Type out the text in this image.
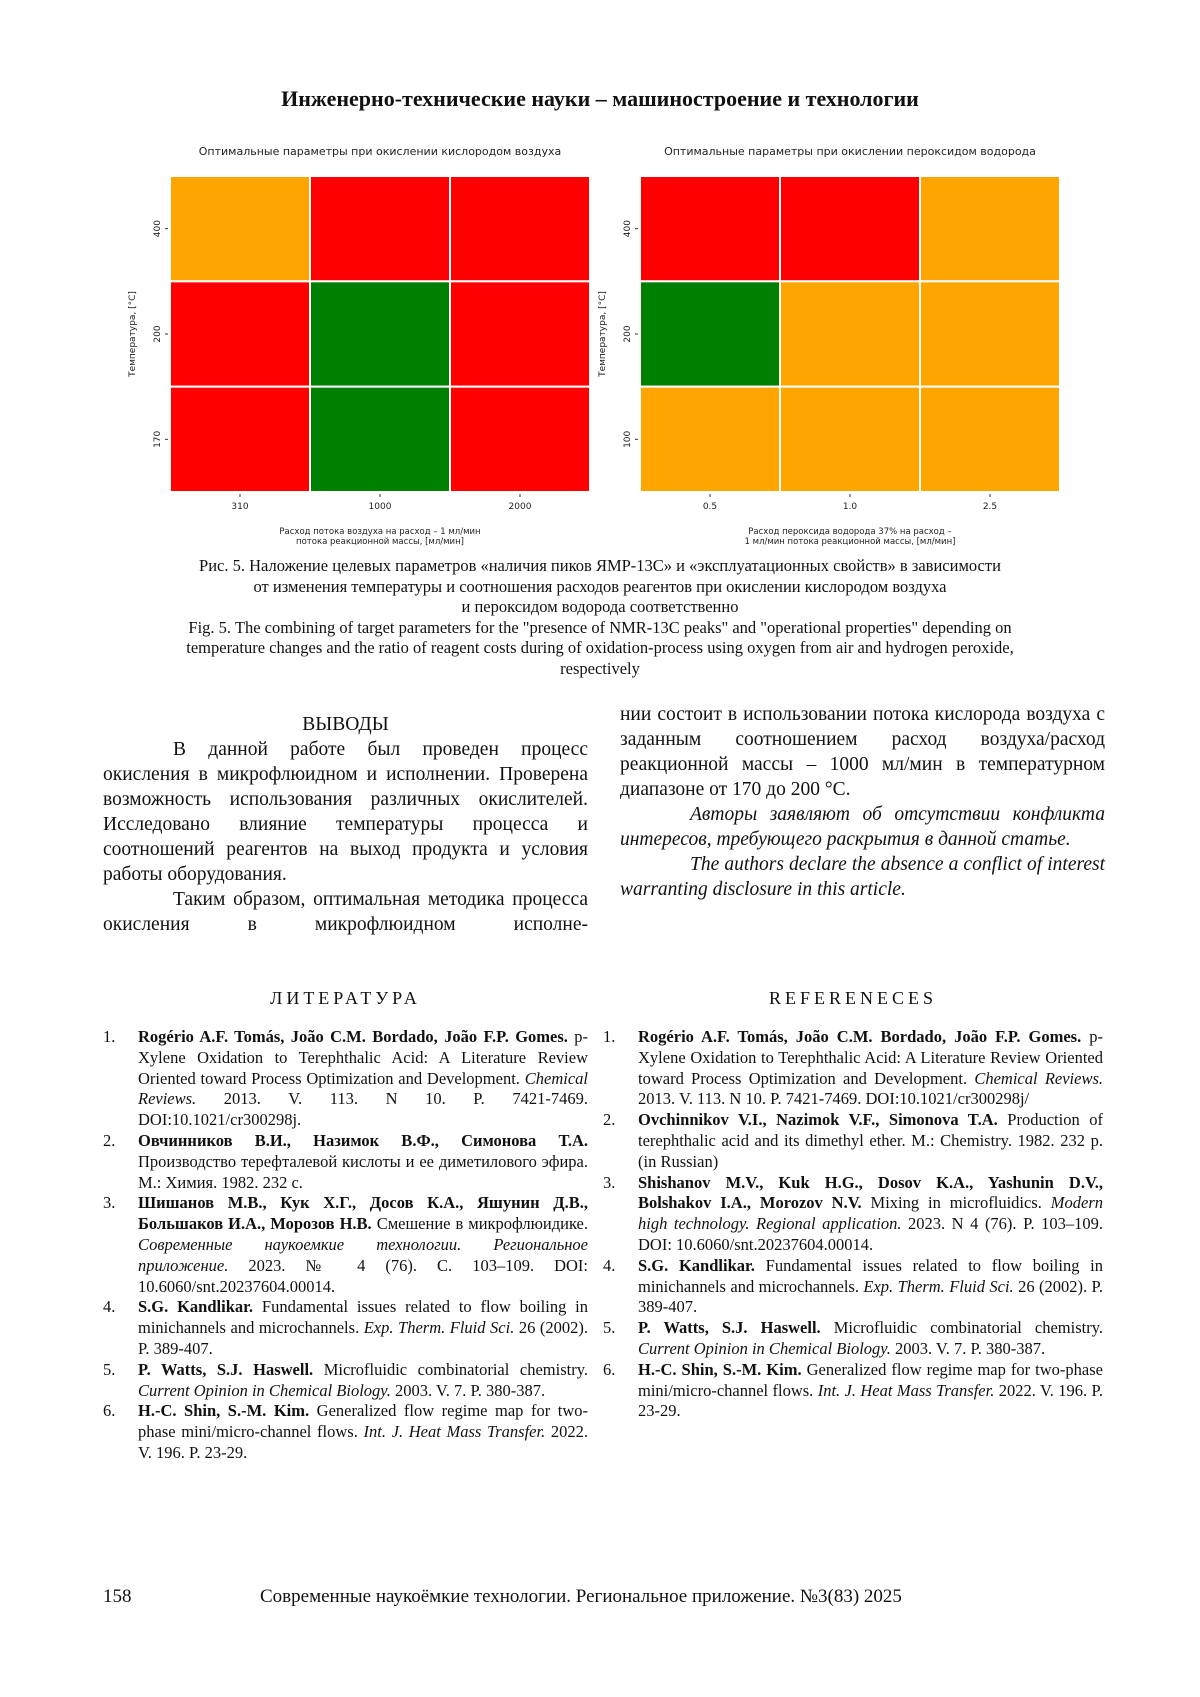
Инженерно-технические науки – машиностроение и технологии
Оптимальные параметры при окислении кислородом воздуха
400
200
170
310	1000	2000
Температура, [°С]
Расход потока воздуха на расход – 1 мл/мин
потока реакционной массы, [мл/мин]
Оптимальные параметры при окислении пероксидом водорода
400
200
100
0.5	1.0	2.5
Температура, [°С]
Расход пероксида водорода 37% на расход –
1 мл/мин потока реакционной массы, [мл/мин]
Рис. 5. Наложение целевых параметров «наличия пиков ЯМР-13С» и «эксплуатационных свойств» в зависимости
от изменения температуры и соотношения расходов реагентов при окислении кислородом воздуха
и пероксидом водорода соответственно
Fig. 5. The combining of target parameters for the "presence of NMR-13C peaks" and "operational properties" depending on
temperature changes and the ratio of reagent costs during of oxidation-process using oxygen from air and hydrogen peroxide,
respectively

ВЫВОДЫ

В данной работе был проведен процесс окисления в микрофлюидном и исполнении. Проверена возможность использования различных окислителей. Исследовано влияние температуры процесса и соотношений реагентов на выход продукта и условия работы оборудования.

Таким образом, оптимальная методика процесса окисления в микрофлюидном исполне-

нии состоит в использовании потока кислорода воздуха с заданным соотношением расход воздуха/расход реакционной массы – 1000 мл/мин в температурном диапазоне от 170 до 200 °С.

Авторы заявляют об отсутствии конфликта интересов, требующего раскрытия в данной статье.

The authors declare the absence a conflict of interest warranting disclosure in this article.

ЛИТЕРАТУРА
1. Rogério A.F. Tomás, João C.M. Bordado, João F.P. Gomes. p-Xylene Oxidation to Terephthalic Acid: A Literature Review Oriented toward Process Optimization and Development. Chemical Reviews. 2013. V. 113. N 10. P. 7421-7469. DOI:10.1021/cr300298j.
2. Овчинников В.И., Назимок В.Ф., Симонова Т.А. Производство терефталевой кислоты и ее диметилового эфира. М.: Химия. 1982. 232 с.
3. Шишанов М.В., Кук Х.Г., Досов К.А., Яшунин Д.В., Большаков И.А., Морозов Н.В. Смешение в микрофлюидике. Современные наукоемкие технологии. Региональное приложение. 2023. № 4 (76). С. 103–109. DOI: 10.6060/snt.20237604.00014.
4. S.G. Kandlikar. Fundamental issues related to flow boiling in minichannels and microchannels. Exp. Therm. Fluid Sci. 26 (2002). P. 389-407.
5. P. Watts, S.J. Haswell. Microfluidic combinatorial chemistry. Current Opinion in Chemical Biology. 2003. V. 7. P. 380-387.
6. H.-C. Shin, S.-M. Kim. Generalized flow regime map for two-phase mini/micro-channel flows. Int. J. Heat Mass Transfer. 2022. V. 196. P. 23-29.
REFERENECES
1. Rogério A.F. Tomás, João C.M. Bordado, João F.P. Gomes. p-Xylene Oxidation to Terephthalic Acid: A Literature Review Oriented toward Process Optimization and Development. Chemical Reviews. 2013. V. 113. N 10. P. 7421-7469. DOI:10.1021/cr300298j/
2. Ovchinnikov V.I., Nazimok V.F., Simonova T.A. Production of terephthalic acid and its dimethyl ether. M.: Chemistry. 1982. 232 p. (in Russian)
3. Shishanov M.V., Kuk H.G., Dosov K.A., Yashunin D.V., Bolshakov I.A., Morozov N.V. Mixing in microfluidics. Modern high technology. Regional application. 2023. N 4 (76). P. 103–109. DOI: 10.6060/snt.20237604.00014.
4. S.G. Kandlikar. Fundamental issues related to flow boiling in minichannels and microchannels. Exp. Therm. Fluid Sci. 26 (2002). P. 389-407.
5. P. Watts, S.J. Haswell. Microfluidic combinatorial chemistry. Current Opinion in Chemical Biology. 2003. V. 7. P. 380-387.
6. H.-C. Shin, S.-M. Kim. Generalized flow regime map for two-phase mini/micro-channel flows. Int. J. Heat Mass Transfer. 2022. V. 196. P. 23-29.
158	Современные наукоёмкие технологии. Региональное приложение. №3(83) 2025
